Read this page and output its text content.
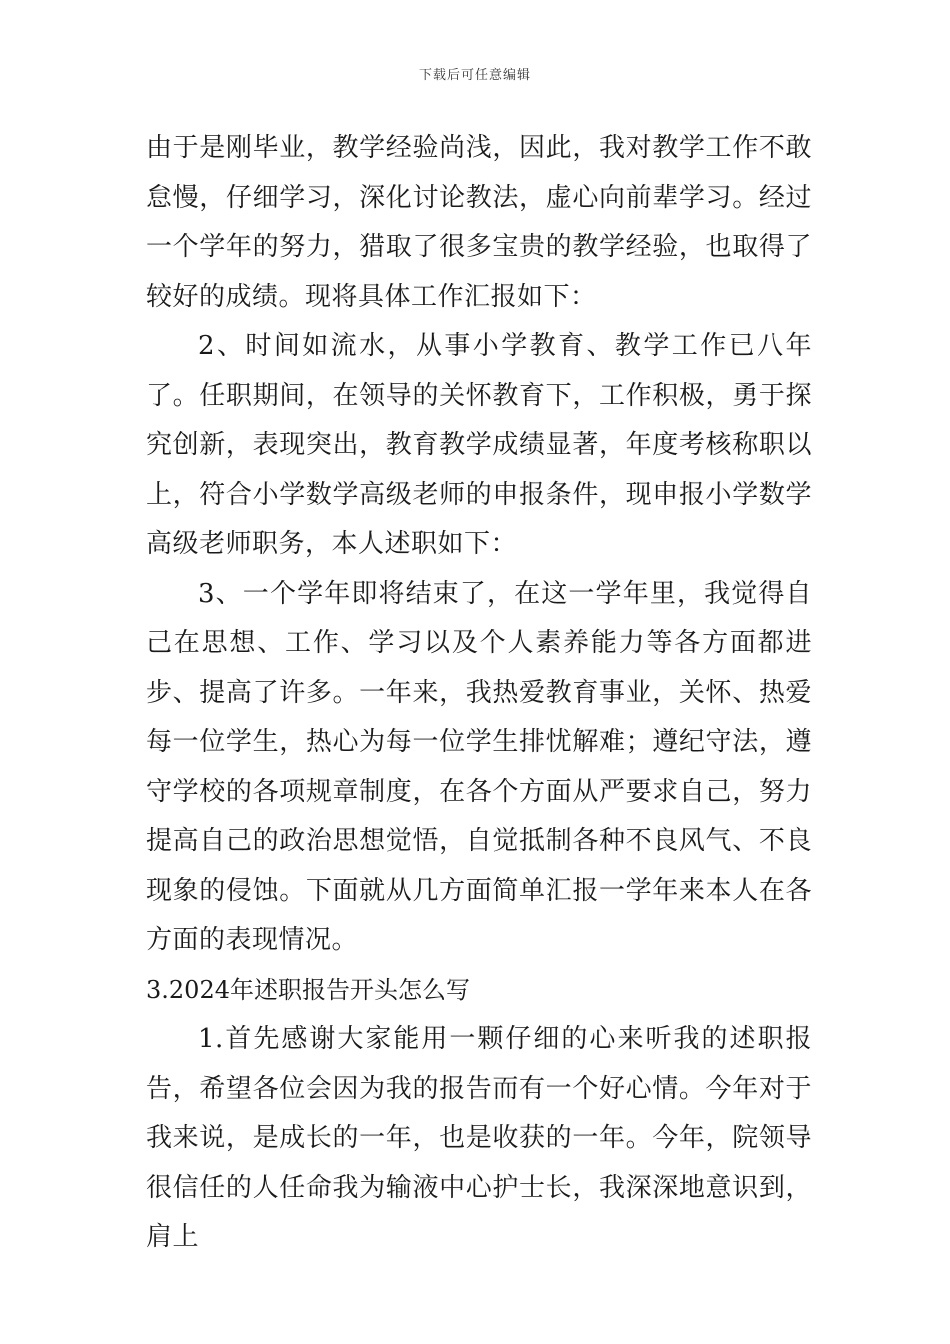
下载后可任意编辑

由于是刚毕业，教学经验尚浅，因此，我对教学工作不敢怠慢，仔细学习，深化讨论教法，虚心向前辈学习。经过一个学年的努力，猎取了很多宝贵的教学经验，也取得了较好的成绩。现将具体工作汇报如下：

2、时间如流水，从事小学教育、教学工作已八年了。任职期间，在领导的关怀教育下，工作积极，勇于探究创新，表现突出，教育教学成绩显著，年度考核称职以上，符合小学数学高级老师的申报条件，现申报小学数学高级老师职务，本人述职如下：

3、一个学年即将结束了，在这一学年里，我觉得自己在思想、工作、学习以及个人素养能力等各方面都进步、提高了许多。一年来，我热爱教育事业，关怀、热爱每一位学生，热心为每一位学生排忧解难；遵纪守法，遵守学校的各项规章制度，在各个方面从严要求自己，努力提高自己的政治思想觉悟，自觉抵制各种不良风气、不良现象的侵蚀。下面就从几方面简单汇报一学年来本人在各方面的表现情况。

3.2024年述职报告开头怎么写

1.首先感谢大家能用一颗仔细的心来听我的述职报告，希望各位会因为我的报告而有一个好心情。今年对于我来说，是成长的一年，也是收获的一年。今年，院领导很信任的人任命我为输液中心护士长，我深深地意识到，肩上
